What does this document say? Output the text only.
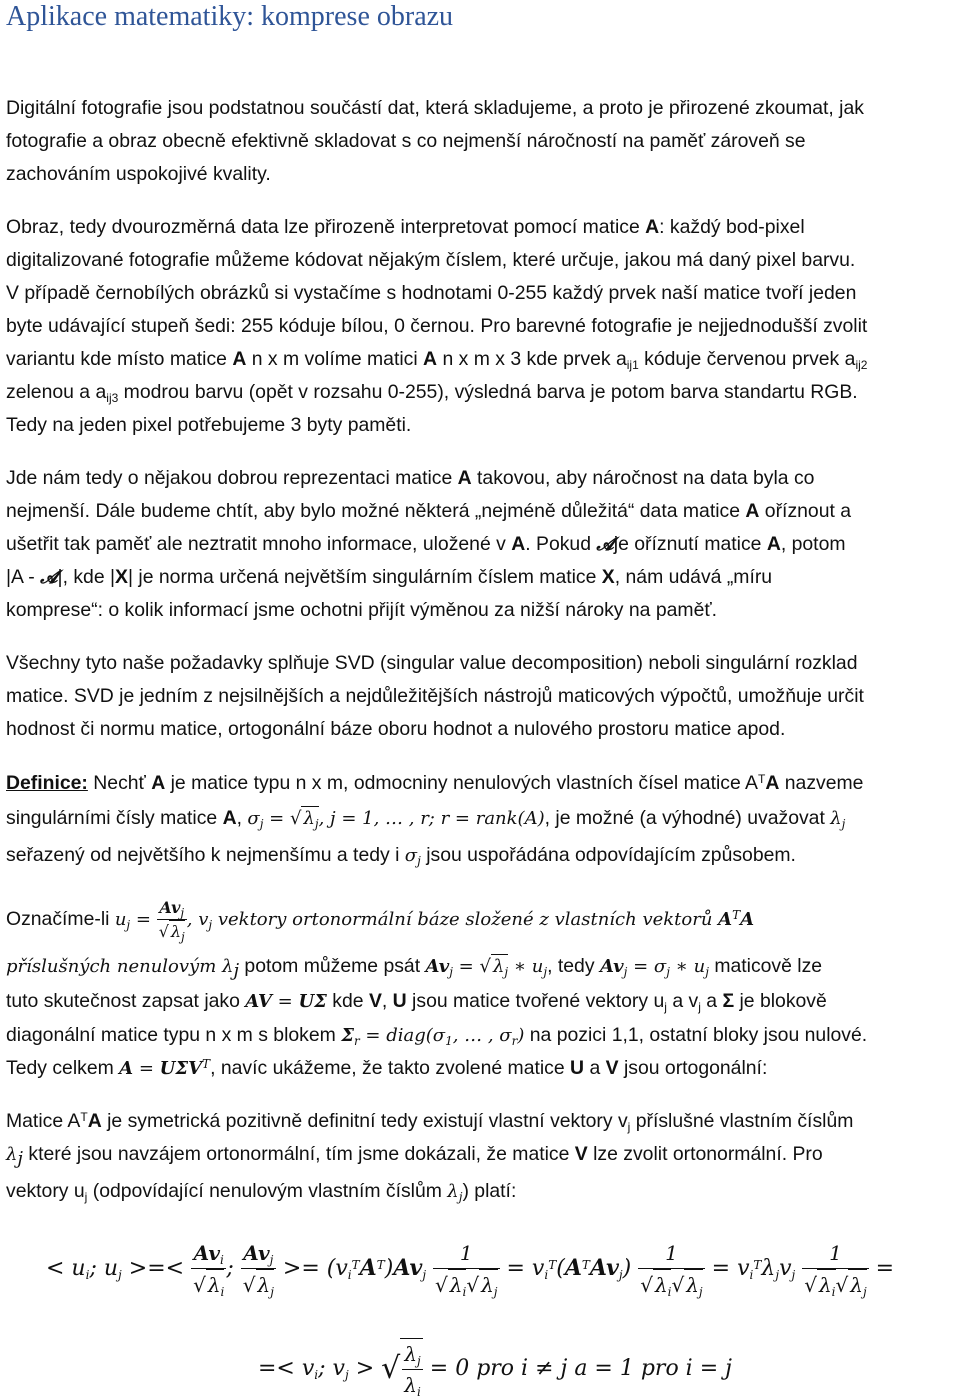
Aplikace matematiky: komprese obrazu
Digitální fotografie jsou podstatnou součástí dat, která skladujeme, a proto je přirozené zkoumat, jak
fotografie a obraz obecně efektivně skladovat s co nejmenší náročností na paměť zároveň se
zachováním uspokojivé kvality.
Obraz, tedy dvourozměrná data lze přirozeně interpretovat pomocí matice A: každý bod-pixel
digitalizované fotografie můžeme kódovat nějakým číslem, které určuje, jakou má daný pixel barvu.
V případě černobílých obrázků si vystačíme s hodnotami 0-255 každý prvek naší matice tvoří jeden
byte udávající stupeň šedi: 255 kóduje bílou, 0 černou. Pro barevné fotografie je nejjednodušší zvolit
variantu kde místo matice A n x m volíme matici A n x m x 3 kde prvek $a_{ij1}$ kóduje červenou prvek $a_{ij2}$
zelenou a $a_{ij3}$ modrou barvu (opět v rozsahu 0-255), výsledná barva je potom barva standartu RGB.
Tedy na jeden pixel potřebujeme 3 byty paměti.
Jde nám tedy o nějakou dobrou reprezentaci matice A takovou, aby náročnost na data byla co
nejmenší. Dále budeme chtít, aby bylo možné některá „nejméně důležitá“ data matice A oříznout a
ušetřit tak paměť ale neztratit mnoho informace, uložené v A. Pokud 𝓐je oříznutí matice A, potom
|A - 𝓐|, kde |X| je norma určená největším singulárním číslem matice X, nám udává „míru
komprese“: o kolik informací jsme ochotni přijít výměnou za nižší nároky na paměť.
Všechny tyto naše požadavky splňuje SVD (singular value decomposition) neboli singulární rozklad
matice. SVD je jedním z nejsilnějších a nejdůležitějších nástrojů maticových výpočtů, umožňuje určit
hodnost či normu matice, ortogonální báze oboru hodnot a nulového prostoru matice apod.
Definice: Nechť A je matice typu n x m, odmocniny nenulových vlastních čísel matice $A^TA$ nazveme
singulárními čísly matice A, $\sigma_j$ = √ $\lambda_j$, j = 1, … , r; r = rank(A), je možné (a výhodné) uvažovat $\lambda_j$
seřazený od největšího k nejmenšímu a tedy i $\sigma_j$ jsou uspořádána odpovídajícím způsobem.
Označíme-li $u_j = \frac{Av_j}{√ \lambda_j}$ , $v_j$ vektory ortonormální báze složené z vlastních vektorů $A^TA$
příslušných nenulovým $\lambda_j$ potom můžeme psát $Av_j$ = √ $\lambda_j$ ∗ $u_j$, tedy $Av_j = \sigma_j$ ∗ $u_j$ maticově lze
tuto skutečnost zapsat jako AV = UΣ kde V, U jsou matice tvořené vektory $u_j$ a $v_j$ a Σ je blokově
diagonální matice typu n x m s blokem $\Sigma_r$ = $diag(\sigma_1$, … , $\sigma_r$) na pozici 1,1, ostatní bloky jsou nulové.
Tedy celkem $A = U\Sigma V^T$, navíc ukážeme, že takto zvolené matice U a V jsou ortogonální:
Matice $A^TA$ je symetrická pozitivně definitní tedy existují vlastní vektory $v_j$ příslušné vlastním číslům
$\lambda_j$ které jsou navzájem ortonormální, tím jsme dokázali, že matice V lze zvolit ortonormální. Pro
vektory $u_j$ (odpovídající nenulovým vlastním číslům $\lambda_j$) platí:
< $u_i$; $u_j$ >=< $\frac{Av_i}{√ \lambda_i}$ ; $\frac{Av_j}{√ \lambda_j} >= (v_i^TA^T)Av_j \frac{1}{√ \lambda_i√ \lambda_j} = v_i^T(A^TAv_j) \frac{1}{√ \lambda_i√ \lambda_j} = v_i^T\lambda_jv_j \frac{1}{√ \lambda_i√ \lambda_j}$ =
=< $v_i$; $v_j$ > √ $\frac{\lambda_j}{\lambda_i} = 0$ pro i ≠ j a = 1 pro i = j
